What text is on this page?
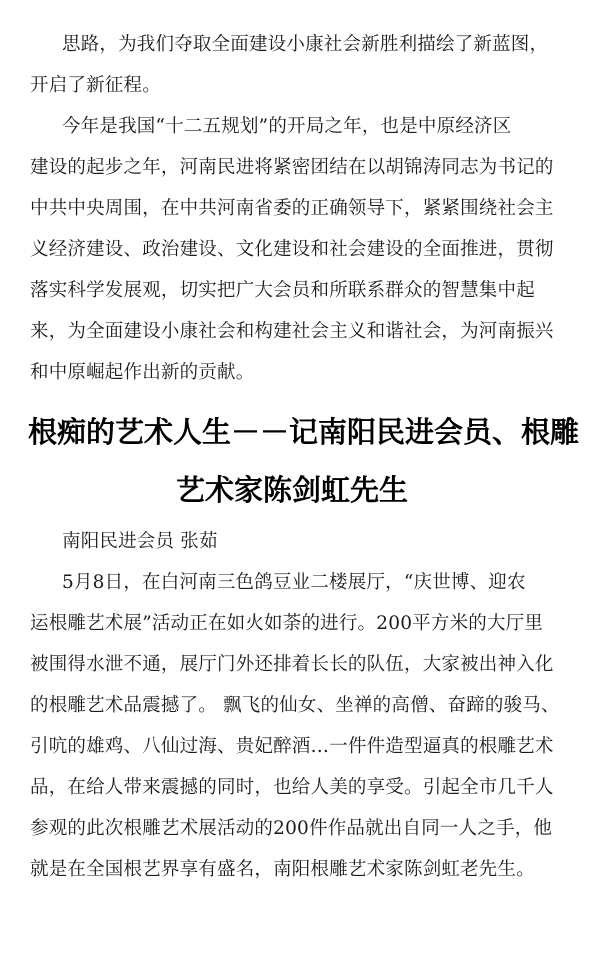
思路，为我们夺取全面建设小康社会新胜利描绘了新蓝图，
开启了新征程。
今年是我国“十二五规划”的开局之年，也是中原经济区
建设的起步之年，河南民进将紧密团结在以胡锦涛同志为书记的
中共中央周围，在中共河南省委的正确领导下，紧紧围绕社会主
义经济建设、政治建设、文化建设和社会建设的全面推进，贯彻
落实科学发展观，切实把广大会员和所联系群众的智慧集中起
来，为全面建设小康社会和构建社会主义和谐社会，为河南振兴
和中原崛起作出新的贡献。
根痴的艺术人生－－记南阳民进会员、根雕
艺术家陈剑虹先生
南阳民进会员 张茹
5月8日，在白河南三色鸽豆业二楼展厅，“庆世博、迎农
运根雕艺术展”活动正在如火如荼的进行。200平方米的大厅里
被围得水泄不通，展厅门外还排着长长的队伍，大家被出神入化
的根雕艺术品震撼了。 飘飞的仙女、坐禅的高僧、奋蹄的骏马、
引吭的雄鸡、八仙过海、贵妃醉酒…一件件造型逼真的根雕艺术
品，在给人带来震撼的同时，也给人美的享受。引起全市几千人
参观的此次根雕艺术展活动的200件作品就出自同一人之手，他
就是在全国根艺界享有盛名，南阳根雕艺术家陈剑虹老先生。
